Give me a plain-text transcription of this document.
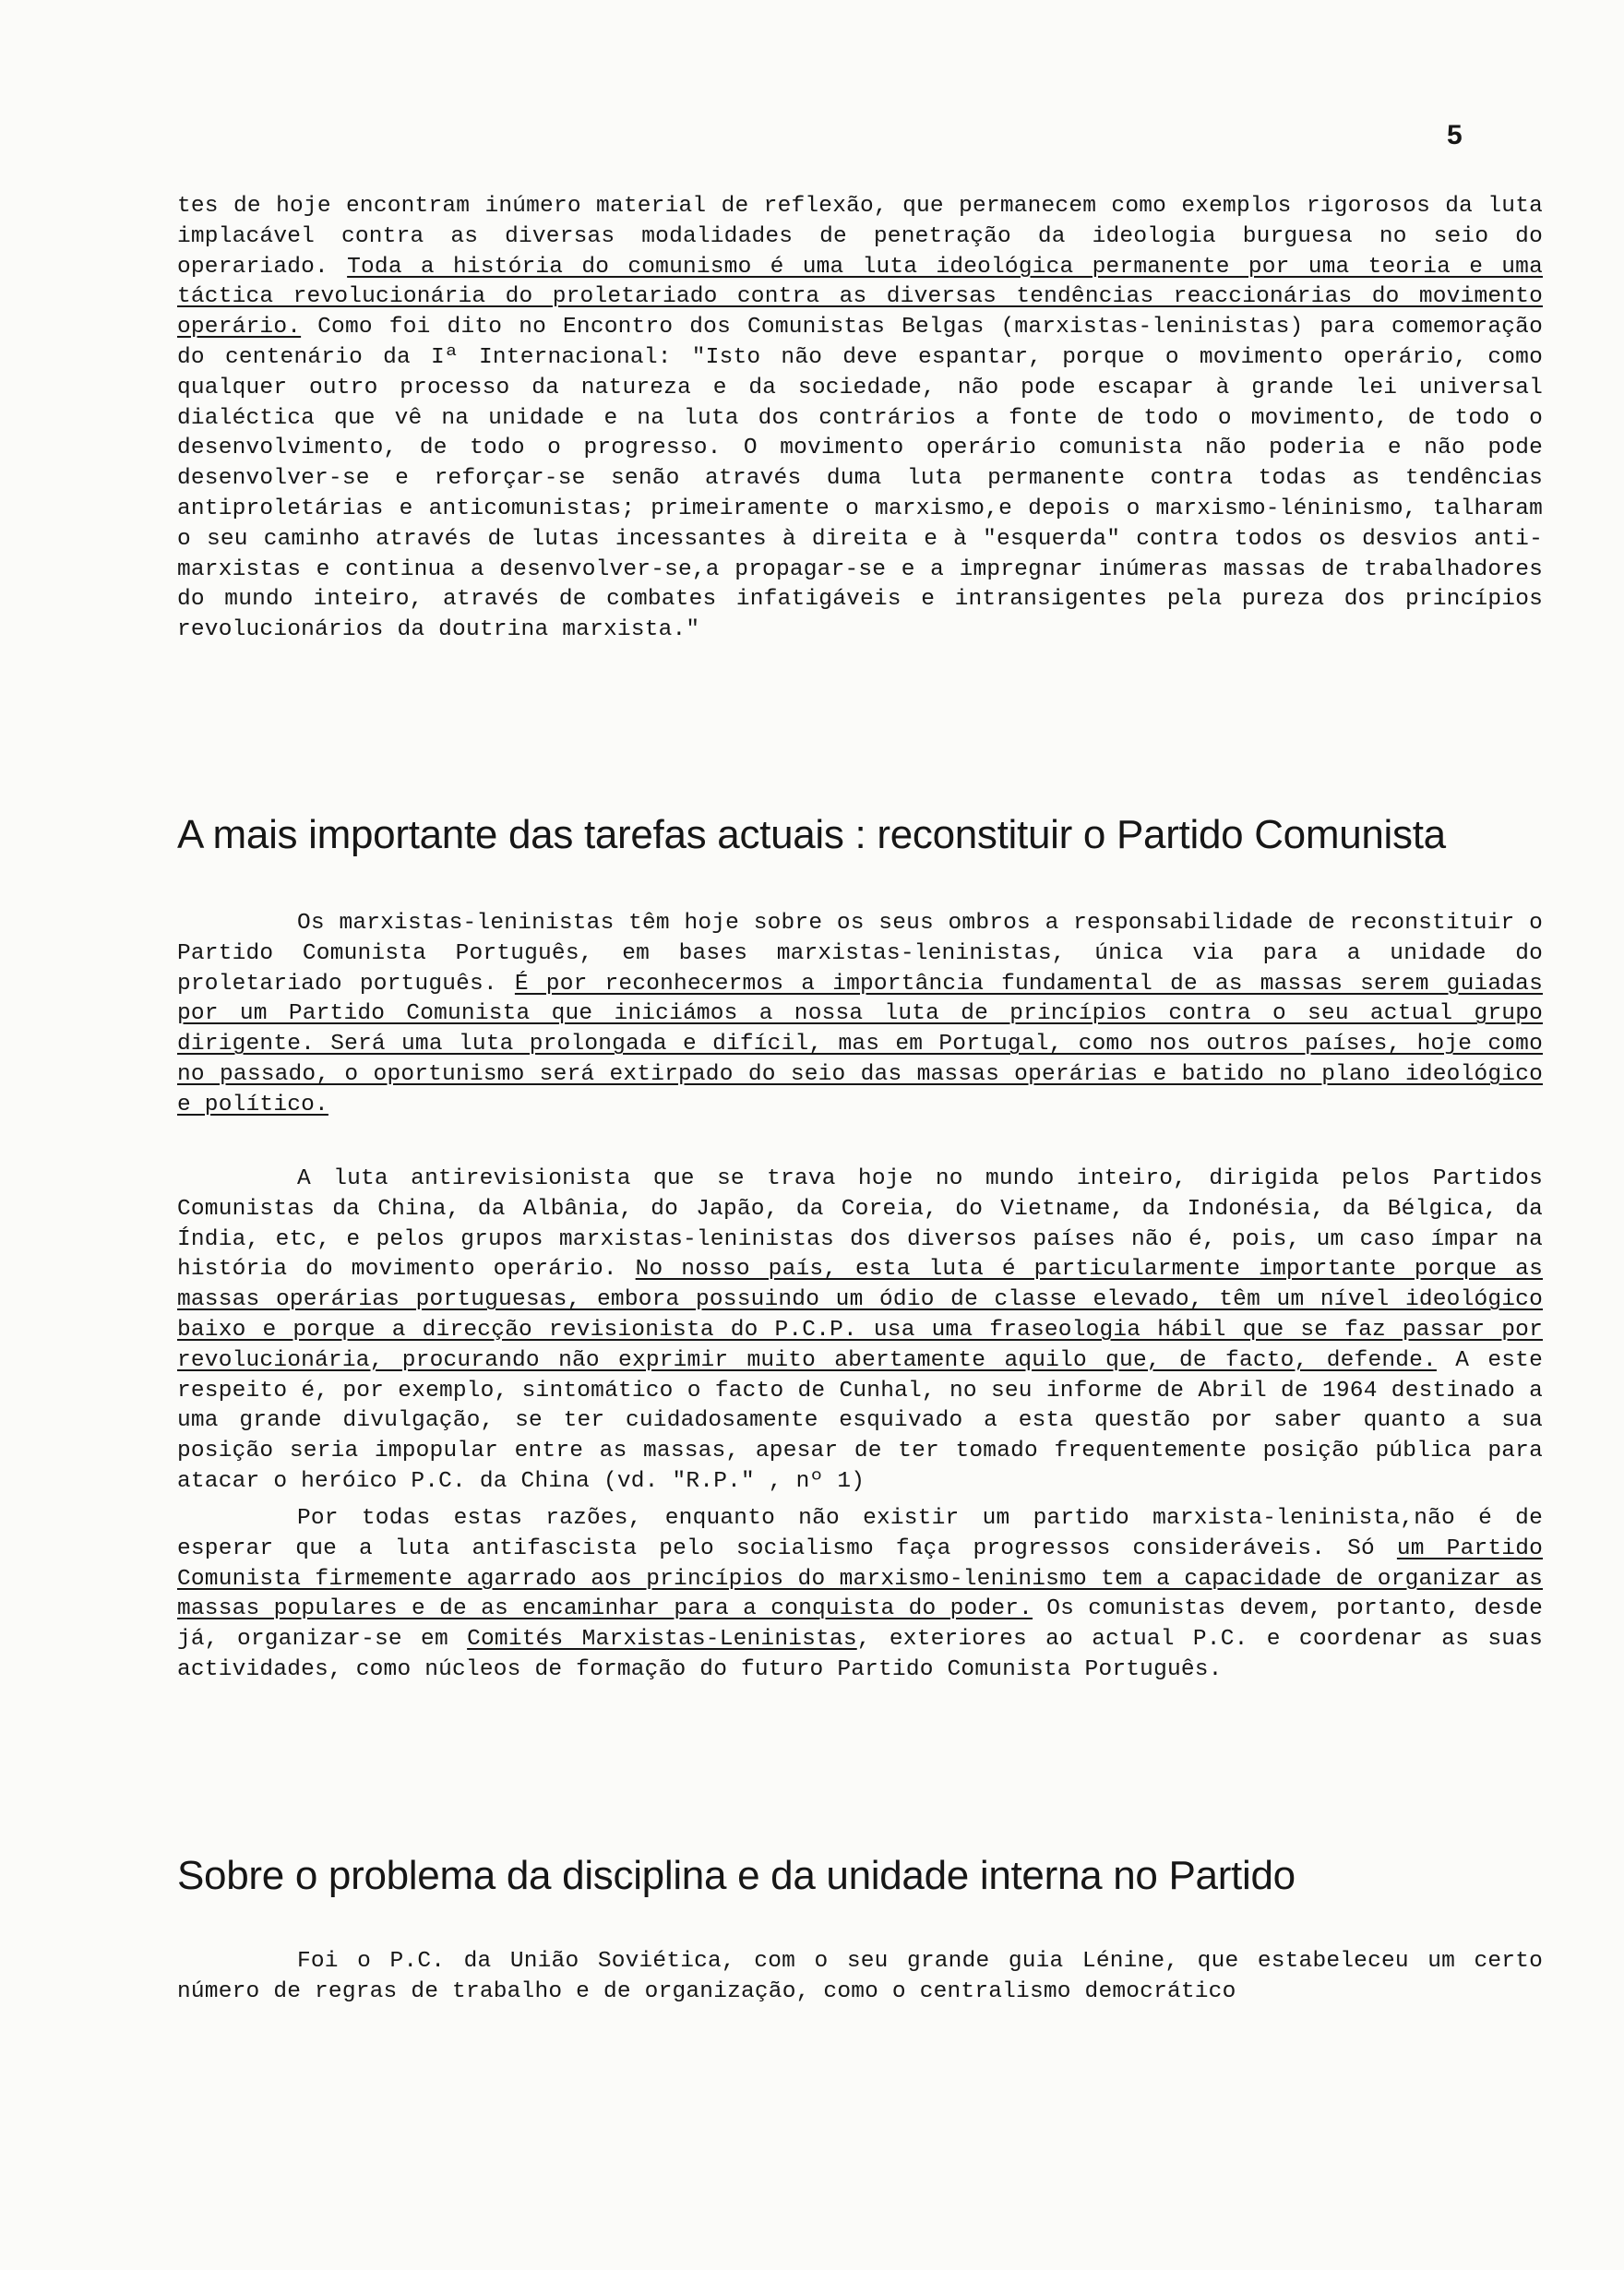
5

tes de hoje encontram inúmero material de reflexão, que permanecem como exemplos rigorosos da luta implacável contra as diversas modalidades de penetração da ideologia burguesa no seio do operariado. Toda a história do comunismo é uma luta ideológica permanente por uma teoria e uma táctica revolucionária do proletariado contra as diversas tendências reaccionárias do movimento operário. Como foi dito no Encontro dos Comunistas Belgas (marxistas-leninistas) para comemoração do centenário da Iª Internacional: "Isto não deve espantar, porque o movimento operário, como qualquer outro processo da natureza e da sociedade, não pode escapar à grande lei universal dialéctica que vê na unidade e na luta dos contrários a fonte de todo o movimento, de todo o desenvolvimento, de todo o progresso. O movimento operário comunista não poderia e não pode desenvolver-se e reforçar-se senão através duma luta permanente contra todas as tendências antiproletárias e anticomunistas; primeiramente o marxismo,e depois o marxismo-léninismo, talharam o seu caminho através de lutas incessantes à direita e à "esquerda" contra todos os desvios anti-marxistas e continua a desenvolver-se,a propagar-se e a impregnar inúmeras massas de trabalhadores do mundo inteiro, através de combates infatigáveis e intransigentes pela pureza dos princípios revolucionários da doutrina marxista."

A mais importante das tarefas actuais : reconstituir o Partido Comunista

Os marxistas-leninistas têm hoje sobre os seus ombros a responsabilidade de reconstituir o Partido Comunista Português, em bases marxistas-leninistas, única via para a unidade do proletariado português. É por reconhecermos a importância fundamental de as massas serem guiadas por um Partido Comunista que iniciámos a nossa luta de princípios contra o seu actual grupo dirigente. Será uma luta prolongada e difícil, mas em Portugal, como nos outros países, hoje como no passado, o oportunismo será extirpado do seio das massas operárias e batido no plano ideológico e político.

A luta antirevisionista que se trava hoje no mundo inteiro, dirigida pelos Partidos Comunistas da China, da Albânia, do Japão, da Coreia, do Vietname, da Indonésia, da Bélgica, da Índia, etc, e pelos grupos marxistas-leninistas dos diversos países não é, pois, um caso ímpar na história do movimento operário. No nosso país, esta luta é particularmente importante porque as massas operárias portuguesas, embora possuindo um ódio de classe elevado, têm um nível ideológico baixo e porque a direcção revisionista do P.C.P. usa uma fraseologia hábil que se faz passar por revolucionária, procurando não exprimir muito abertamente aquilo que, de facto, defende. A este respeito é, por exemplo, sintomático o facto de Cunhal, no seu informe de Abril de 1964 destinado a uma grande divulgação, se ter cuidadosamente esquivado a esta questão por saber quanto a sua posição seria impopular entre as massas, apesar de ter tomado frequentemente posição pública para atacar o heróico P.C. da China (vd. "R.P." , nº 1)

Por todas estas razões, enquanto não existir um partido marxista-leninista,não é de esperar que a luta antifascista pelo socialismo faça progressos consideráveis. Só um Partido Comunista firmemente agarrado aos princípios do marxismo-leninismo tem a capacidade de organizar as massas populares e de as encaminhar para a conquista do poder. Os comunistas devem, portanto, desde já, organizar-se em Comités Marxistas-Leninistas, exteriores ao actual P.C. e coordenar as suas actividades, como núcleos de formação do futuro Partido Comunista Português.

Sobre o problema da disciplina e da unidade interna no Partido

Foi o P.C. da União Soviética, com o seu grande guia Lénine, que estabeleceu um certo número de regras de trabalho e de organização, como o centralismo democrático
